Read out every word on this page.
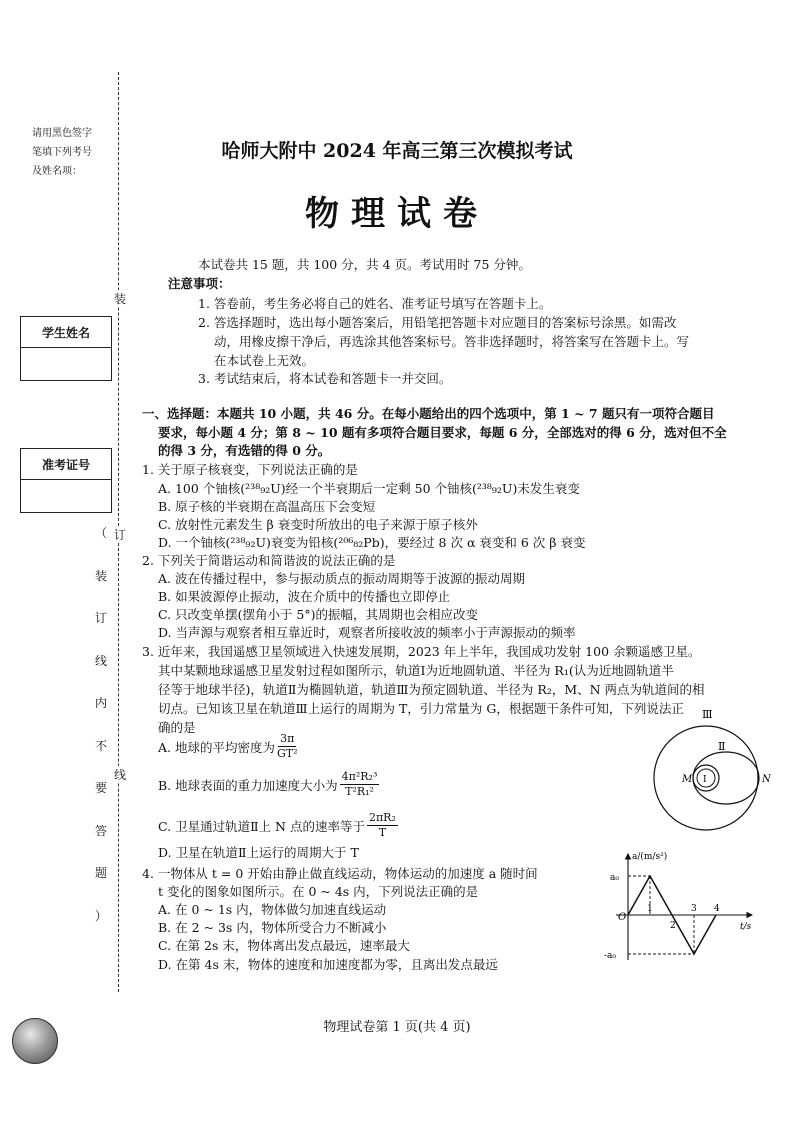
请用黑色签字
笔填下列考号
及姓名项：
装
订
线
学生姓名
准考证号
（
装
订
线
内
不
要
答
题
）
哈师大附中 2024 年高三第三次模拟考试
物理试卷
本试卷共 15 题，共 100 分，共 4 页。考试用时 75 分钟。
注意事项：
1. 答卷前，考生务必将自己的姓名、准考证号填写在答题卡上。
2. 答选择题时，选出每小题答案后，用铅笔把答题卡对应题目的答案标号涂黑。如需改
动，用橡皮擦干净后，再选涂其他答案标号。答非选择题时，将答案写在答题卡上。写
在本试卷上无效。
3. 考试结束后，将本试卷和答题卡一并交回。
一、选择题：本题共 10 小题，共 46 分。在每小题给出的四个选项中，第 1 ~ 7 题只有一项符合题目
要求，每小题 4 分；第 8 ~ 10 题有多项符合题目要求，每题 6 分，全部选对的得 6 分，选对但不全
的得 3 分，有选错的得 0 分。
1. 关于原子核衰变，下列说法正确的是
A. 100 个铀核(²³⁸₉₂U)经一个半衰期后一定剩 50 个铀核(²³⁸₉₂U)未发生衰变
B. 原子核的半衰期在高温高压下会变短
C. 放射性元素发生 β 衰变时所放出的电子来源于原子核外
D. 一个铀核(²³⁸₉₂U)衰变为铅核(²⁰⁶₈₂Pb)，要经过 8 次 α 衰变和 6 次 β 衰变
2. 下列关于简谐运动和简谐波的说法正确的是
A. 波在传播过程中，参与振动质点的振动周期等于波源的振动周期
B. 如果波源停止振动，波在介质中的传播也立即停止
C. 只改变单摆(摆角小于 5°)的振幅，其周期也会相应改变
D. 当声源与观察者相互靠近时，观察者所接收波的频率小于声源振动的频率
3. 近年来，我国遥感卫星领域进入快速发展期，2023 年上半年，我国成功发射 100 余颗遥感卫星。
其中某颗地球遥感卫星发射过程如图所示，轨道Ⅰ为近地圆轨道、半径为 R₁(认为近地圆轨道半
径等于地球半径)，轨道Ⅱ为椭圆轨道，轨道Ⅲ为预定圆轨道、半径为 R₂，M、N 两点为轨道间的相
切点。已知该卫星在轨道Ⅲ上运行的周期为 T，引力常量为 G，根据题干条件可知，下列说法正
确的是
A. 地球的平均密度为 $\frac{3\pi}{\text{GT²}}$
B. 地球表面的重力加速度大小为 $\frac{\text{4π²R₂³}}{\text{T²R₁²}}$
C. 卫星通过轨道Ⅱ上 N 点的速率等于 $\frac{\text{2πR₂}}{T}$
D. 卫星在轨道Ⅱ上运行的周期大于 T
Ⅲ
Ⅱ
Ⅰ
M	N
4. 一物体从 t = 0 开始由静止做直线运动，物体运动的加速度 a 随时间
t 变化的图象如图所示。在 0 ~ 4s 内，下列说法正确的是
A. 在 0 ~ 1s 内，物体做匀加速直线运动
B. 在 2 ~ 3s 内，物体所受合力不断减小
C. 在第 2s 末，物体离出发点最远，速率最大
D. 在第 4s 末，物体的速度和加速度都为零，且离出发点最远
a/(m/s²)
t/s
O
a₀
-a₀
1
2
3 4
物理试卷第 1 页(共 4 页)
